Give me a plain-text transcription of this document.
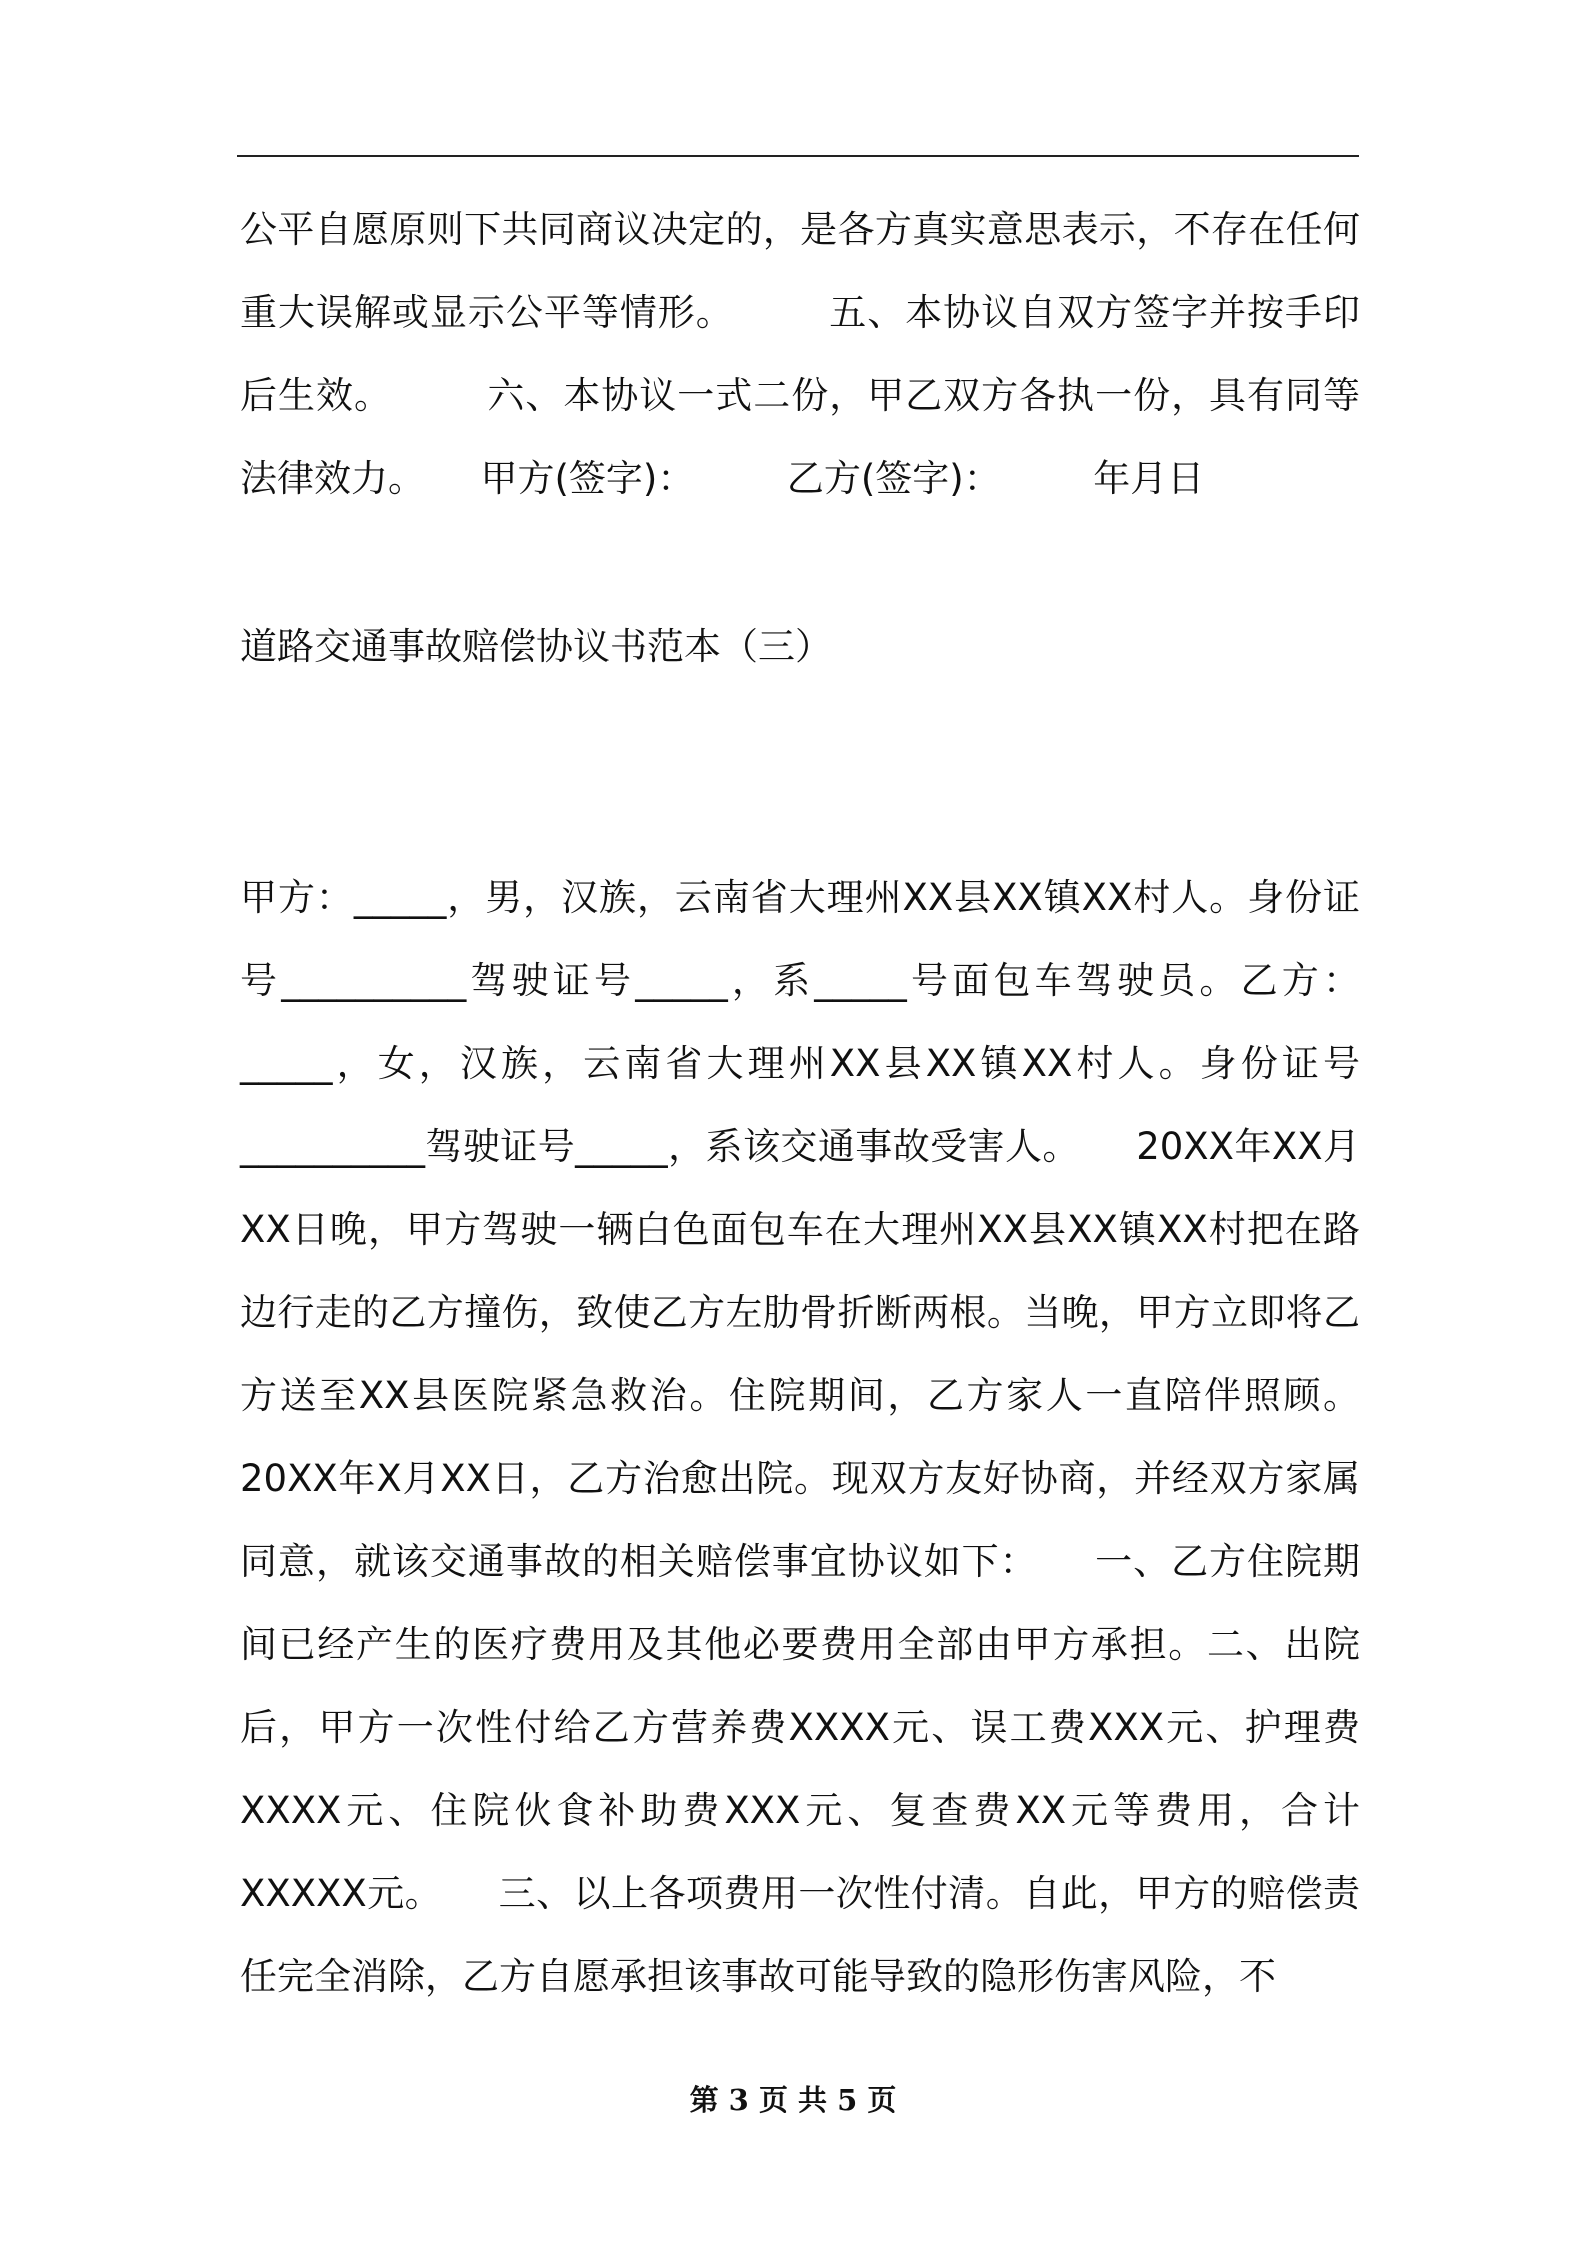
公平自愿原则下共同商议决定的，是各方真实意思表示，不存在任何重大误解或显示公平等情形。　　　五、本协议自双方签字并按手印后生效。　　　六、本协议一式二份，甲乙双方各执一份，具有同等法律效力。　　甲方(签字)：　　　乙方(签字)：　　　年月日

道路交通事故赔偿协议书范本（三）

甲方：_____，男，汉族，云南省大理州XX县XX镇XX村人。身份证号__________驾驶证号_____，系_____号面包车驾驶员。乙方：_____，女，汉族，云南省大理州XX县XX镇XX村人。身份证号__________驾驶证号_____，系该交通事故受害人。　　20XX年XX月XX日晚，甲方驾驶一辆白色面包车在大理州XX县XX镇XX村把在路边行走的乙方撞伤，致使乙方左肋骨折断两根。当晚，甲方立即将乙方送至XX县医院紧急救治。住院期间，乙方家人一直陪伴照顾。20XX年X月XX日，乙方治愈出院。现双方友好协商，并经双方家属同意，就该交通事故的相关赔偿事宜协议如下：　　一、乙方住院期间已经产生的医疗费用及其他必要费用全部由甲方承担。二、出院后，甲方一次性付给乙方营养费XXXX元、误工费XXX元、护理费XXXX元、住院伙食补助费XXX元、复查费XX元等费用，合计XXXXX元。　　三、以上各项费用一次性付清。自此，甲方的赔偿责任完全消除，乙方自愿承担该事故可能导致的隐形伤害风险，不

第 3 页 共 5 页
